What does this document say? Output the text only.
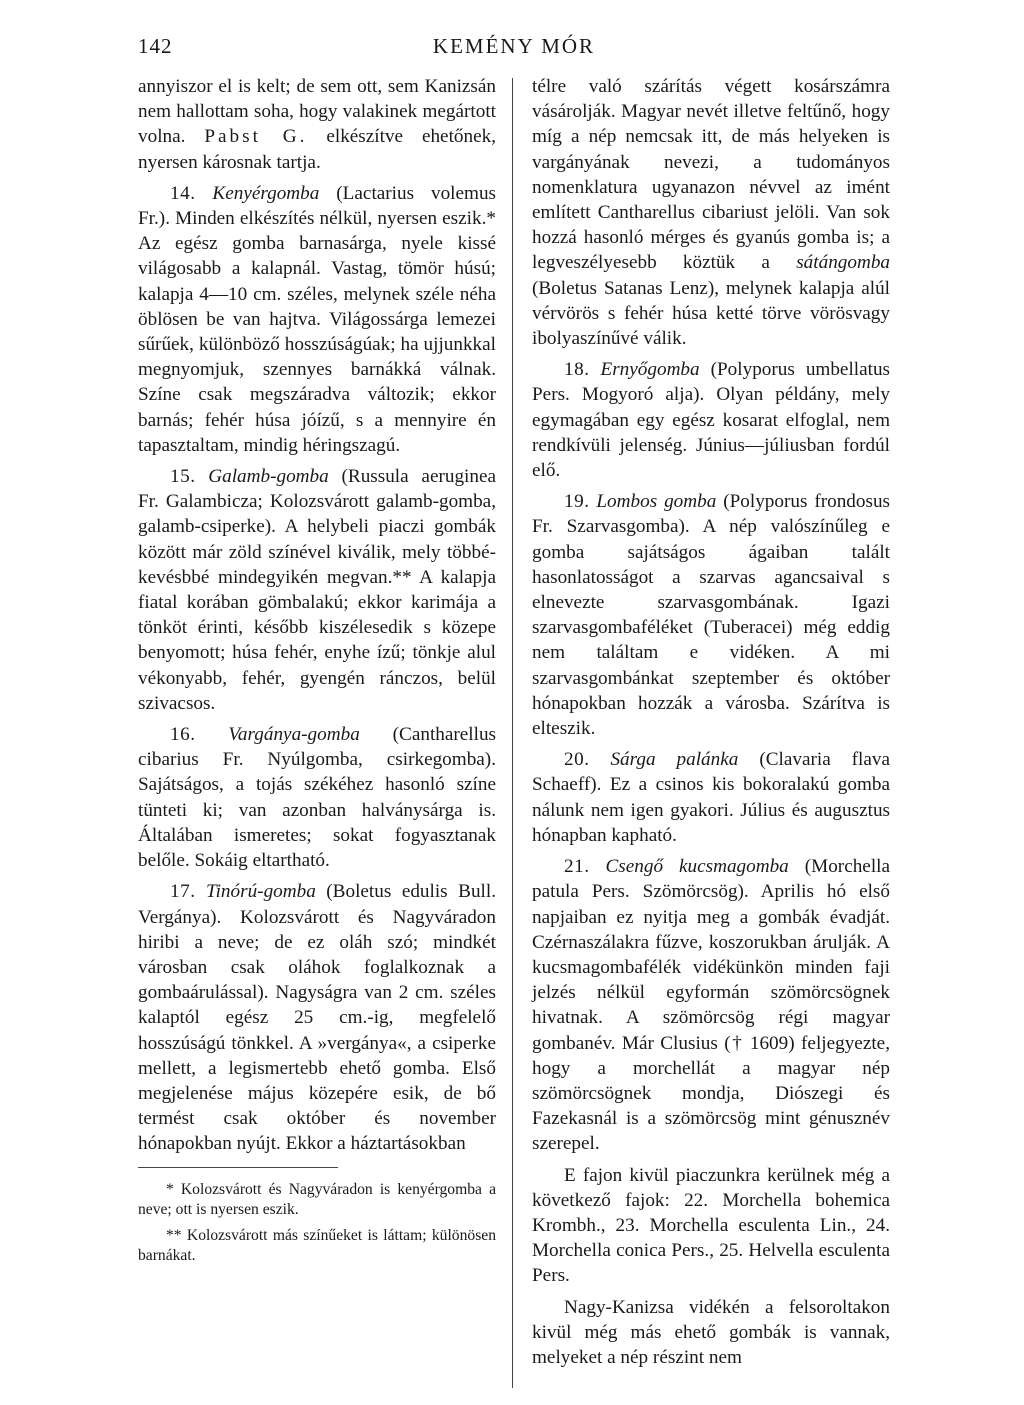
142	KEMÉNY MÓR

annyiszor el is kelt; de sem ott, sem Kanizsán nem hallottam soha, hogy valakinek megártott volna. Pabst G. elkészítve ehetőnek, nyersen károsnak tartja.

14. Kenyérgomba (Lactarius volemus Fr.). Minden elkészítés nélkül, nyersen eszik.* Az egész gomba barnasárga, nyele kissé világosabb a kalapnál. Vastag, tömör húsú; kalapja 4—10 cm. széles, melynek széle néha öblösen be van hajtva. Világossárga lemezei sűrűek, különböző hosszúságúak; ha ujjunkkal megnyomjuk, szennyes barnákká válnak. Színe csak megszáradva változik; ekkor barnás; fehér húsa jóízű, s a mennyire én tapasztaltam, mindig héringszagú.

15. Galamb-gomba (Russula aeruginea Fr. Galambicza; Kolozsvárott galamb-gomba, galamb-csiperke). A helybeli piaczi gombák között már zöld színével kiválik, mely többé-kevésbbé mindegyikén megvan.** A kalapja fiatal korában gömbalakú; ekkor karimája a tönköt érinti, később kiszélesedik s közepe benyomott; húsa fehér, enyhe ízű; tönkje alul vékonyabb, fehér, gyengén ránczos, belül szivacsos.

16. Vargánya-gomba (Cantharellus cibarius Fr. Nyúlgomba, csirkegomba). Sajátságos, a tojás székéhez hasonló színe tünteti ki; van azonban halványsárga is. Általában ismeretes; sokat fogyasztanak belőle. Sokáig eltartható.

17. Tinórú-gomba (Boletus edulis Bull. Vergánya). Kolozsvárott és Nagyváradon hiribi a neve; de ez oláh szó; mindkét városban csak oláhok foglalkoznak a gombaárulással). Nagyságra van 2 cm. széles kalaptól egész 25 cm.-ig, megfelelő hosszúságú tönkkel. A »vergánya«, a csiperke mellett, a legismertebb ehető gomba. Első megjelenése május közepére esik, de bő termést csak október és november hónapokban nyújt. Ekkor a háztartásokban

* Kolozsvárott és Nagyváradon is kenyérgomba a neve; ott is nyersen eszik.

** Kolozsvárott más színűeket is láttam; különösen barnákat.

télre való szárítás végett kosárszámra vásárolják. Magyar nevét illetve feltűnő, hogy míg a nép nemcsak itt, de más helyeken is vargányának nevezi, a tudományos nomenklatura ugyanazon névvel az imént említett Cantharellus cibariust jelöli. Van sok hozzá hasonló mérges és gyanús gomba is; a legveszélyesebb köztük a sátángomba (Boletus Satanas Lenz), melynek kalapja alúl vérvörös s fehér húsa ketté törve vörösvagy ibolyaszínűvé válik.

18. Ernyőgomba (Polyporus umbellatus Pers. Mogyoró alja). Olyan példány, mely egymagában egy egész kosarat elfoglal, nem rendkívüli jelenség. Június—júliusban fordúl elő.

19. Lombos gomba (Polyporus frondosus Fr. Szarvasgomba). A nép valószínűleg e gomba sajátságos ágaiban talált hasonlatosságot a szarvas agancsaival s elnevezte szarvasgombának. Igazi szarvasgombaféléket (Tuberacei) még eddig nem találtam e vidéken. A mi szarvasgombánkat szeptember és október hónapokban hozzák a városba. Szárítva is elteszik.

20. Sárga palánka (Clavaria flava Schaeff). Ez a csinos kis bokoralakú gomba nálunk nem igen gyakori. Július és augusztus hónapban kapható.

21. Csengő kucsmagomba (Morchella patula Pers. Szömörcsög). Aprilis hó első napjaiban ez nyitja meg a gombák évadját. Czérnaszálakra fűzve, koszorukban árulják. A kucsmagombafélék vidékünkön minden faji jelzés nélkül egyformán szömörcsögnek hivatnak. A szömörcsög régi magyar gombanév. Már Clusius († 1609) feljegyezte, hogy a morchellát a magyar nép szömörcsögnek mondja, Diószegi és Fazekasnál is a szömörcsög mint génusznév szerepel.

E fajon kivül piaczunkra kerülnek még a következő fajok: 22. Morchella bohemica Krombh., 23. Morchella esculenta Lin., 24. Morchella conica Pers., 25. Helvella esculenta Pers.

Nagy-Kanizsa vidékén a felsoroltakon kivül még más ehető gombák is vannak, melyeket a nép részint nem
